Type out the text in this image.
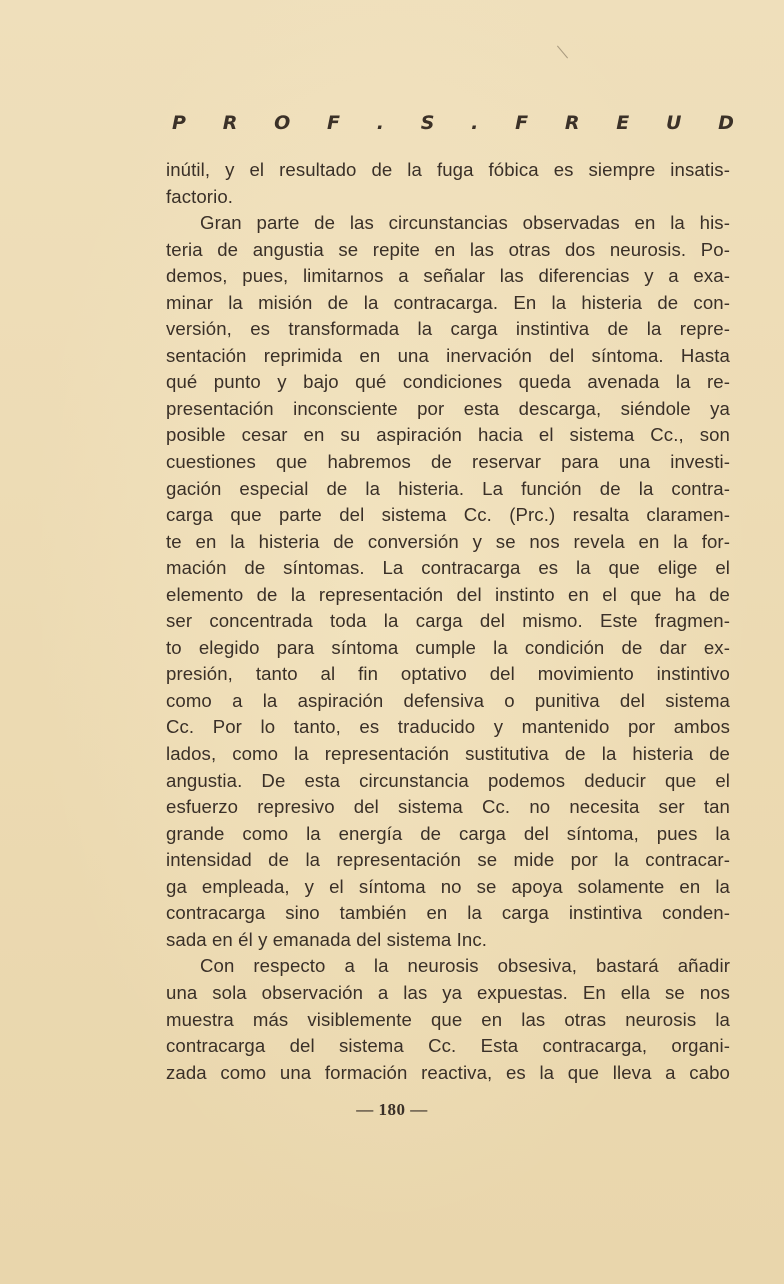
P R O F . S . F R E U D
inútil, y el resultado de la fuga fóbica es siempre insatis-
factorio.
Gran parte de las circunstancias observadas en la his-
teria de angustia se repite en las otras dos neurosis. Po-
demos, pues, limitarnos a señalar las diferencias y a exa-
minar la misión de la contracarga. En la histeria de con-
versión, es transformada la carga instintiva de la repre-
sentación reprimida en una inervación del síntoma. Hasta
qué punto y bajo qué condiciones queda avenada la re-
presentación inconsciente por esta descarga, siéndole ya
posible cesar en su aspiración hacia el sistema Cc., son
cuestiones que habremos de reservar para una investi-
gación especial de la histeria. La función de la contra-
carga que parte del sistema Cc. (Prc.) resalta claramen-
te en la histeria de conversión y se nos revela en la for-
mación de síntomas. La contracarga es la que elige el
elemento de la representación del instinto en el que ha de
ser concentrada toda la carga del mismo. Este fragmen-
to elegido para síntoma cumple la condición de dar ex-
presión, tanto al fin optativo del movimiento instintivo
como a la aspiración defensiva o punitiva del sistema
Cc. Por lo tanto, es traducido y mantenido por ambos
lados, como la representación sustitutiva de la histeria de
angustia. De esta circunstancia podemos deducir que el
esfuerzo represivo del sistema Cc. no necesita ser tan
grande como la energía de carga del síntoma, pues la
intensidad de la representación se mide por la contracar-
ga empleada, y el síntoma no se apoya solamente en la
contracarga sino también en la carga instintiva conden-
sada en él y emanada del sistema Inc.
Con respecto a la neurosis obsesiva, bastará añadir
una sola observación a las ya expuestas. En ella se nos
muestra más visiblemente que en las otras neurosis la
contracarga del sistema Cc. Esta contracarga, organi-
zada como una formación reactiva, es la que lleva a cabo
— 180 —
